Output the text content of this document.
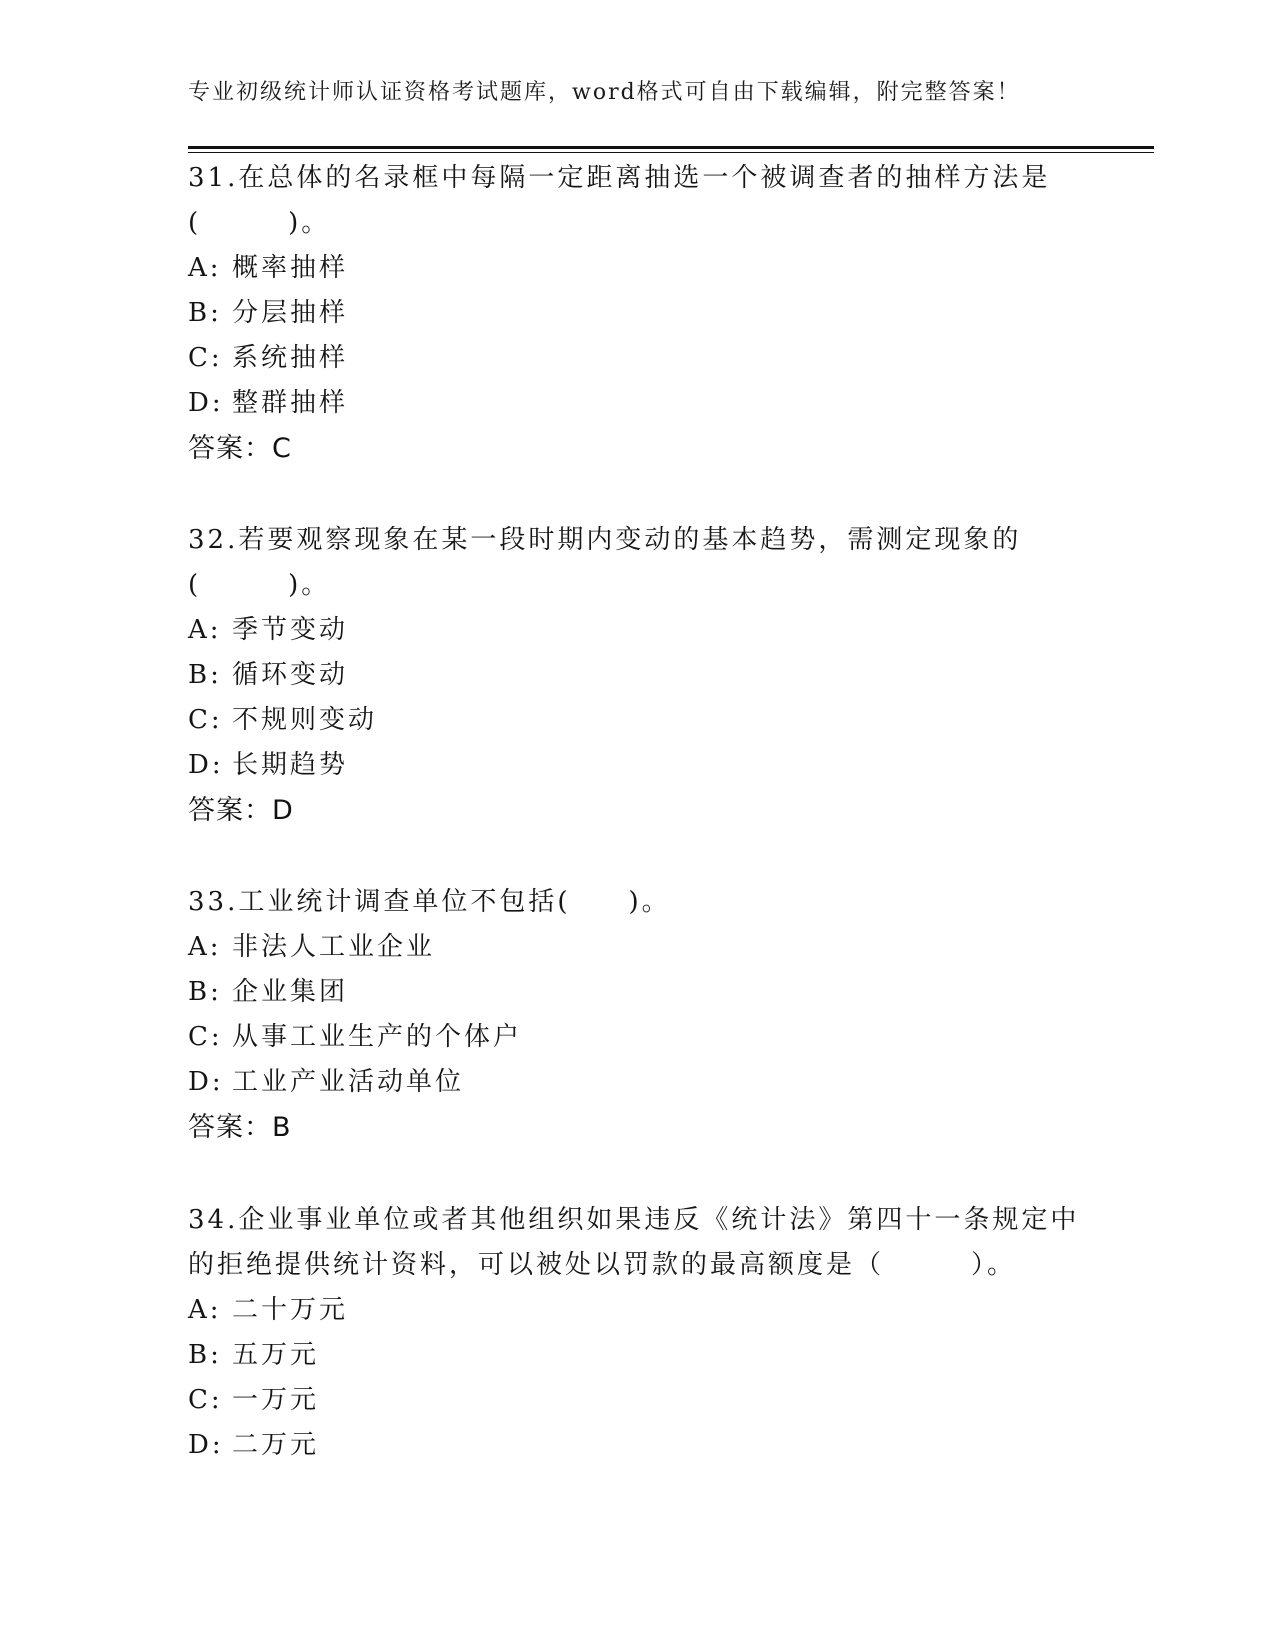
专业初级统计师认证资格考试题库，word格式可自由下载编辑，附完整答案！
31.在总体的名录框中每隔一定距离抽选一个被调查者的抽样方法是
(　　　)。
A: 概率抽样
B: 分层抽样
C: 系统抽样
D: 整群抽样
答案：C
32.若要观察现象在某一段时期内变动的基本趋势，需测定现象的
(　　　)。
A: 季节变动
B: 循环变动
C: 不规则变动
D: 长期趋势
答案：D
33.工业统计调查单位不包括(　　)。
A: 非法人工业企业
B: 企业集团
C: 从事工业生产的个体户
D: 工业产业活动单位
答案：B
34.企业事业单位或者其他组织如果违反《统计法》第四十一条规定中
的拒绝提供统计资料，可以被处以罚款的最高额度是（　　　）。
A: 二十万元
B: 五万元
C: 一万元
D: 二万元
